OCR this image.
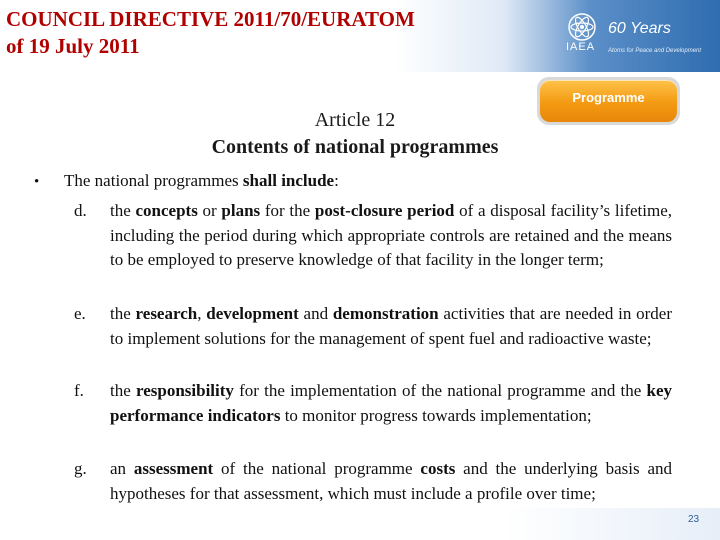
COUNCIL DIRECTIVE 2011/70/EURATOM
of 19 July 2011	IAEA
60 Years
Atoms for Peace and Development
Programme
Article 12
Contents of national programmes
• The national programmes shall include:
d. the concepts or plans for the post-closure period of a disposal facility’s lifetime, including the period during which appropriate controls are retained and the means to be employed to preserve knowledge of that facility in the longer term;
e. the research, development and demonstration activities that are needed in order to implement solutions for the management of spent fuel and radioactive waste;
f. the responsibility for the implementation of the national programme and the key performance indicators to monitor progress towards implementation;
g. an assessment of the national programme costs and the underlying basis and hypotheses for that assessment, which must include a profile over time;
23
